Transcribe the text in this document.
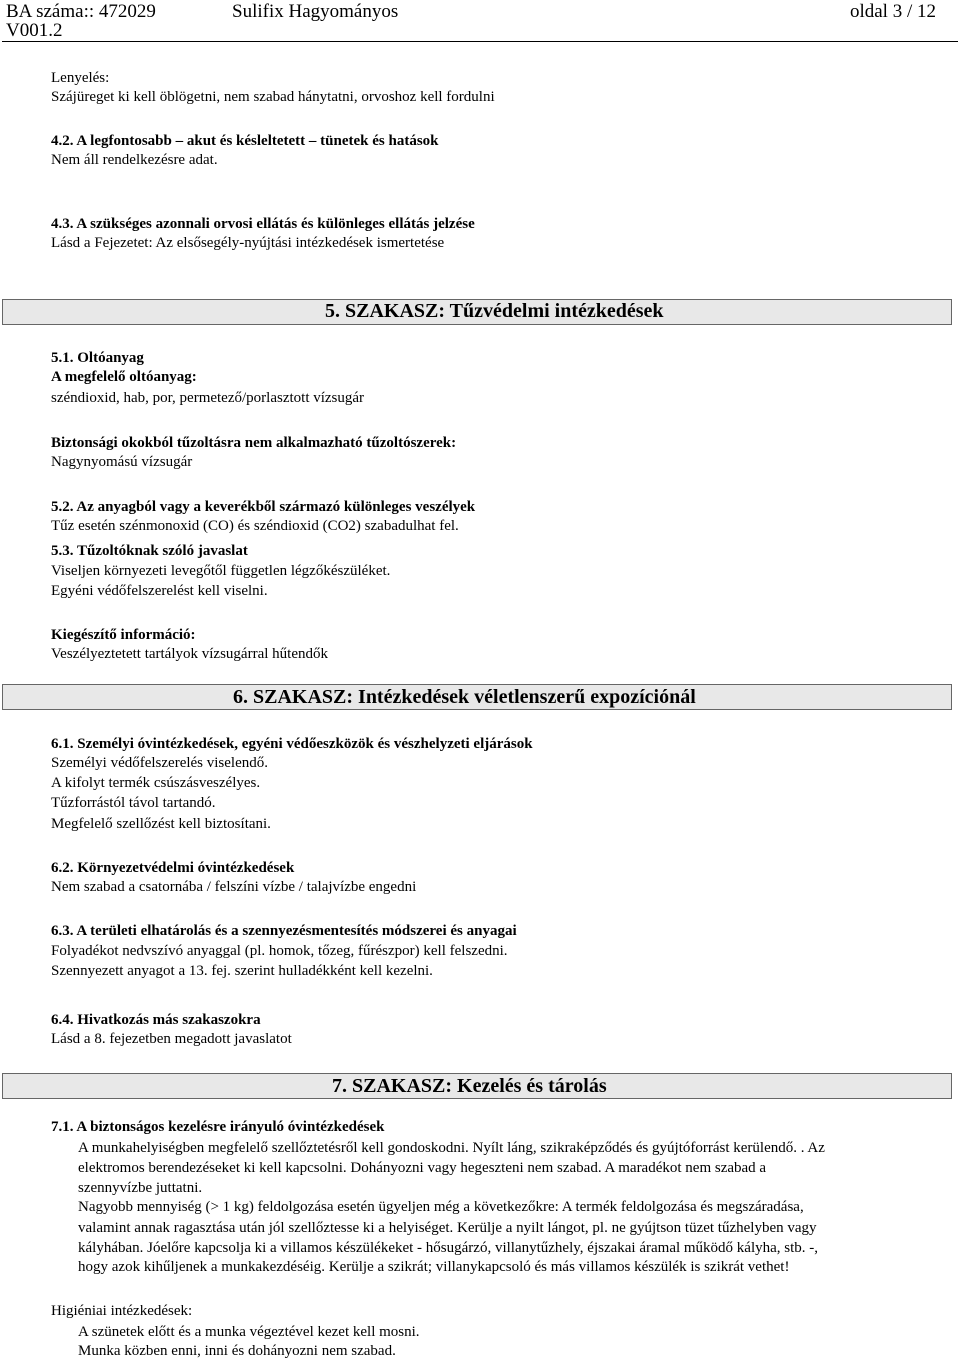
BA száma:: 472029	Sulifix Hagyományos	oldal 3 / 12
V001.2
Lenyelés:
Szájüreget ki kell öblögetni, nem szabad hánytatni, orvoshoz kell fordulni
4.2. A legfontosabb – akut és késleltetett – tünetek és hatások
Nem áll rendelkezésre adat.
4.3. A szükséges azonnali orvosi ellátás és különleges ellátás jelzése
Lásd a Fejezetet: Az elsősegély-nyújtási intézkedések ismertetése
5. SZAKASZ: Tűzvédelmi intézkedések
5.1. Oltóanyag
A megfelelő oltóanyag:
széndioxid, hab, por, permetező/porlasztott vízsugár
Biztonsági okokból tűzoltásra nem alkalmazható tűzoltószerek:
Nagynyomású vízsugár
5.2. Az anyagból vagy a keverékből származó különleges veszélyek
Tűz esetén szénmonoxid (CO) és széndioxid (CO2) szabadulhat fel.
5.3. Tűzoltóknak szóló javaslat
Viseljen környezeti levegőtől független légzőkészüléket.
Egyéni védőfelszerelést kell viselni.
Kiegészítő információ:
Veszélyeztetett tartályok vízsugárral hűtendők
6. SZAKASZ: Intézkedések véletlenszerű expozíciónál
6.1. Személyi óvintézkedések, egyéni védőeszközök és vészhelyzeti eljárások
Személyi védőfelszerelés viselendő.
A kifolyt termék csúszásveszélyes.
Tűzforrástól távol tartandó.
Megfelelő szellőzést kell biztosítani.
6.2. Környezetvédelmi óvintézkedések
Nem szabad a csatornába / felszíni vízbe / talajvízbe engedni
6.3. A területi elhatárolás és a szennyezésmentesítés módszerei és anyagai
Folyadékot nedvszívó anyaggal (pl. homok, tőzeg, fűrészpor) kell felszedni.
Szennyezett anyagot a 13. fej. szerint hulladékként kell kezelni.
6.4. Hivatkozás más szakaszokra
Lásd a 8. fejezetben megadott javaslatot
7. SZAKASZ: Kezelés és tárolás
7.1. A biztonságos kezelésre irányuló óvintézkedések
A munkahelyiségben megfelelő szellőztetésről kell gondoskodni. Nyílt láng, szikraképződés és gyújtóforrást kerülendő. . Az
elektromos berendezéseket ki kell kapcsolni. Dohányozni vagy hegeszteni nem szabad. A maradékot nem szabad a
szennyvízbe juttatni.
Nagyobb mennyiség (> 1 kg) feldolgozása esetén ügyeljen még a következőkre: A termék feldolgozása és megszáradása,
valamint annak ragasztása után jól szellőztesse ki a helyiséget. Kerülje a nyilt lángot, pl. ne gyújtson tüzet tűzhelyben vagy
kályhában. Jóelőre kapcsolja ki a villamos készülékeket - hősugárzó, villanytűzhely, éjszakai áramal működő kályha, stb. -,
hogy azok kihűljenek a munkakezdéséig. Kerülje a szikrát; villanykapcsoló és más villamos készülék is szikrát vethet!
Higiéniai intézkedések:
A szünetek előtt és a munka végeztével kezet kell mosni.
Munka közben enni, inni és dohányozni nem szabad.
